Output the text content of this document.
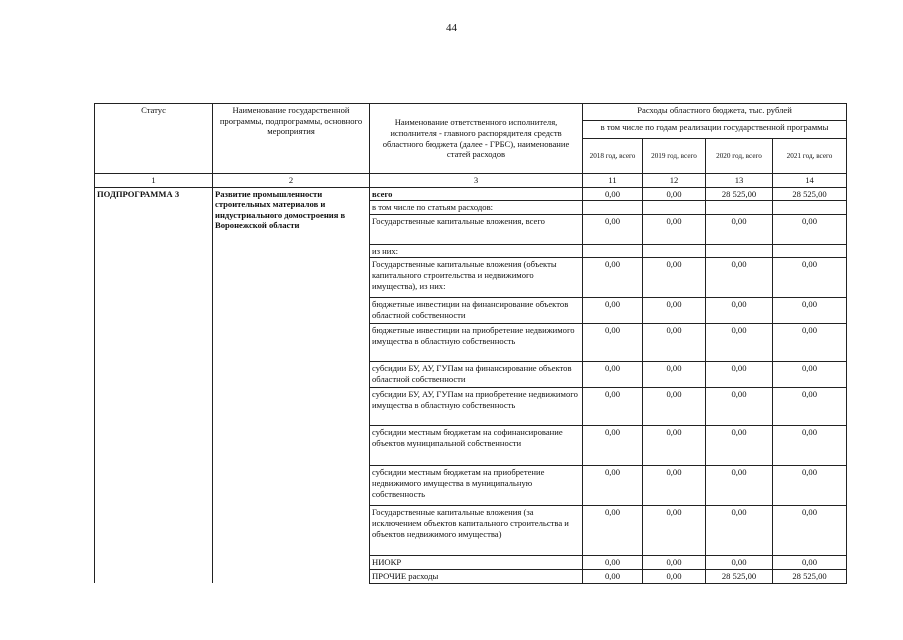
44
Статус	Наименование государственной программы, подпрограммы, основного мероприятия	Наименование ответственного исполнителя, исполнителя - главного распорядителя средств областного бюджета (далее - ГРБС), наименование статей расходов	Расходы областного бюджета, тыс. рублей			
			в том числе по годам реализации государственной программы			
			2018 год, всего	2019 год, всего	2020 год, всего	2021 год, всего
1	2	3	11	12	13	14
ПОДПРОГРАММА 3	Развитие промышленности строительных материалов и индустриального домостроения в Воронежской области	всего	0,00	0,00	28 525,00	28 525,00
		в том числе по статьям расходов:				
		Государственные капитальные вложения, всего	0,00	0,00	0,00	0,00
		из них:				
		Государственные капитальные вложения (объекты капитального строительства и недвижимого имущества), из них:	0,00	0,00	0,00	0,00
		бюджетные инвестиции на финансирование объектов областной собственности	0,00	0,00	0,00	0,00
		бюджетные инвестиции на приобретение недвижимого имущества в областную собственность	0,00	0,00	0,00	0,00
		субсидии БУ, АУ, ГУПам на финансирование объектов областной собственности	0,00	0,00	0,00	0,00
		субсидии БУ, АУ, ГУПам на приобретение недвижимого имущества в областную собственность	0,00	0,00	0,00	0,00
		субсидии местным бюджетам на софинансирование объектов муниципальной собственности	0,00	0,00	0,00	0,00
		субсидии местным бюджетам на приобретение недвижимого имущества в муниципальную собственность	0,00	0,00	0,00	0,00
		Государственные капитальные вложения (за исключением объектов капитального строительства и объектов недвижимого имущества)	0,00	0,00	0,00	0,00
		НИОКР	0,00	0,00	0,00	0,00
		ПРОЧИЕ расходы	0,00	0,00	28 525,00	28 525,00
